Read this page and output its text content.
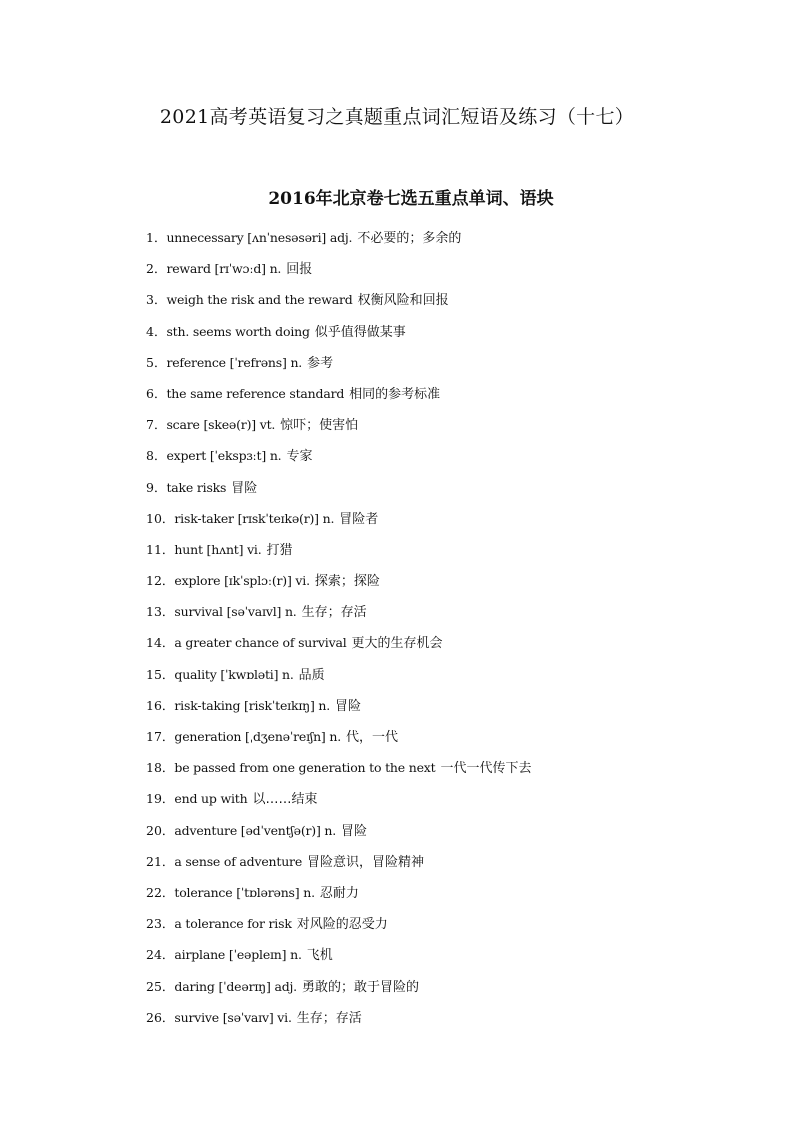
2021高考英语复习之真题重点词汇短语及练习（十七）
2016年北京卷七选五重点单词、语块
1．unnecessary [ʌnˈnesəsəri] adj. 不必要的；多余的
2．reward [rɪˈwɔːd] n. 回报
3．weigh the risk and the reward 权衡风险和回报
4．sth. seems worth doing 似乎值得做某事
5．reference [ˈrefrəns] n. 参考
6．the same reference standard 相同的参考标准
7．scare [skeə(r)] vt. 惊吓；使害怕
8．expert [ˈekspɜːt] n. 专家
9．take risks 冒险
10．risk-taker [rɪskˈteɪkə(r)] n. 冒险者
11．hunt [hʌnt] vi. 打猎
12．explore [ɪkˈsplɔː(r)] vi. 探索；探险
13．survival [səˈvaɪvl] n. 生存；存活
14．a greater chance of survival 更大的生存机会
15．quality [ˈkwɒləti] n. 品质
16．risk-taking [riskˈteɪkɪŋ] n. 冒险
17．generation [ˌdʒenəˈreɪʃn] n. 代，一代
18．be passed from one generation to the next 一代一代传下去
19．end up with 以……结束
20．adventure [ədˈventʃə(r)] n. 冒险
21．a sense of adventure 冒险意识，冒险精神
22．tolerance [ˈtɒlərəns] n. 忍耐力
23．a tolerance for risk 对风险的忍受力
24．airplane [ˈeəpleɪn] n. 飞机
25．daring [ˈdeərɪŋ] adj. 勇敢的；敢于冒险的
26．survive [səˈvaɪv] vi. 生存；存活
